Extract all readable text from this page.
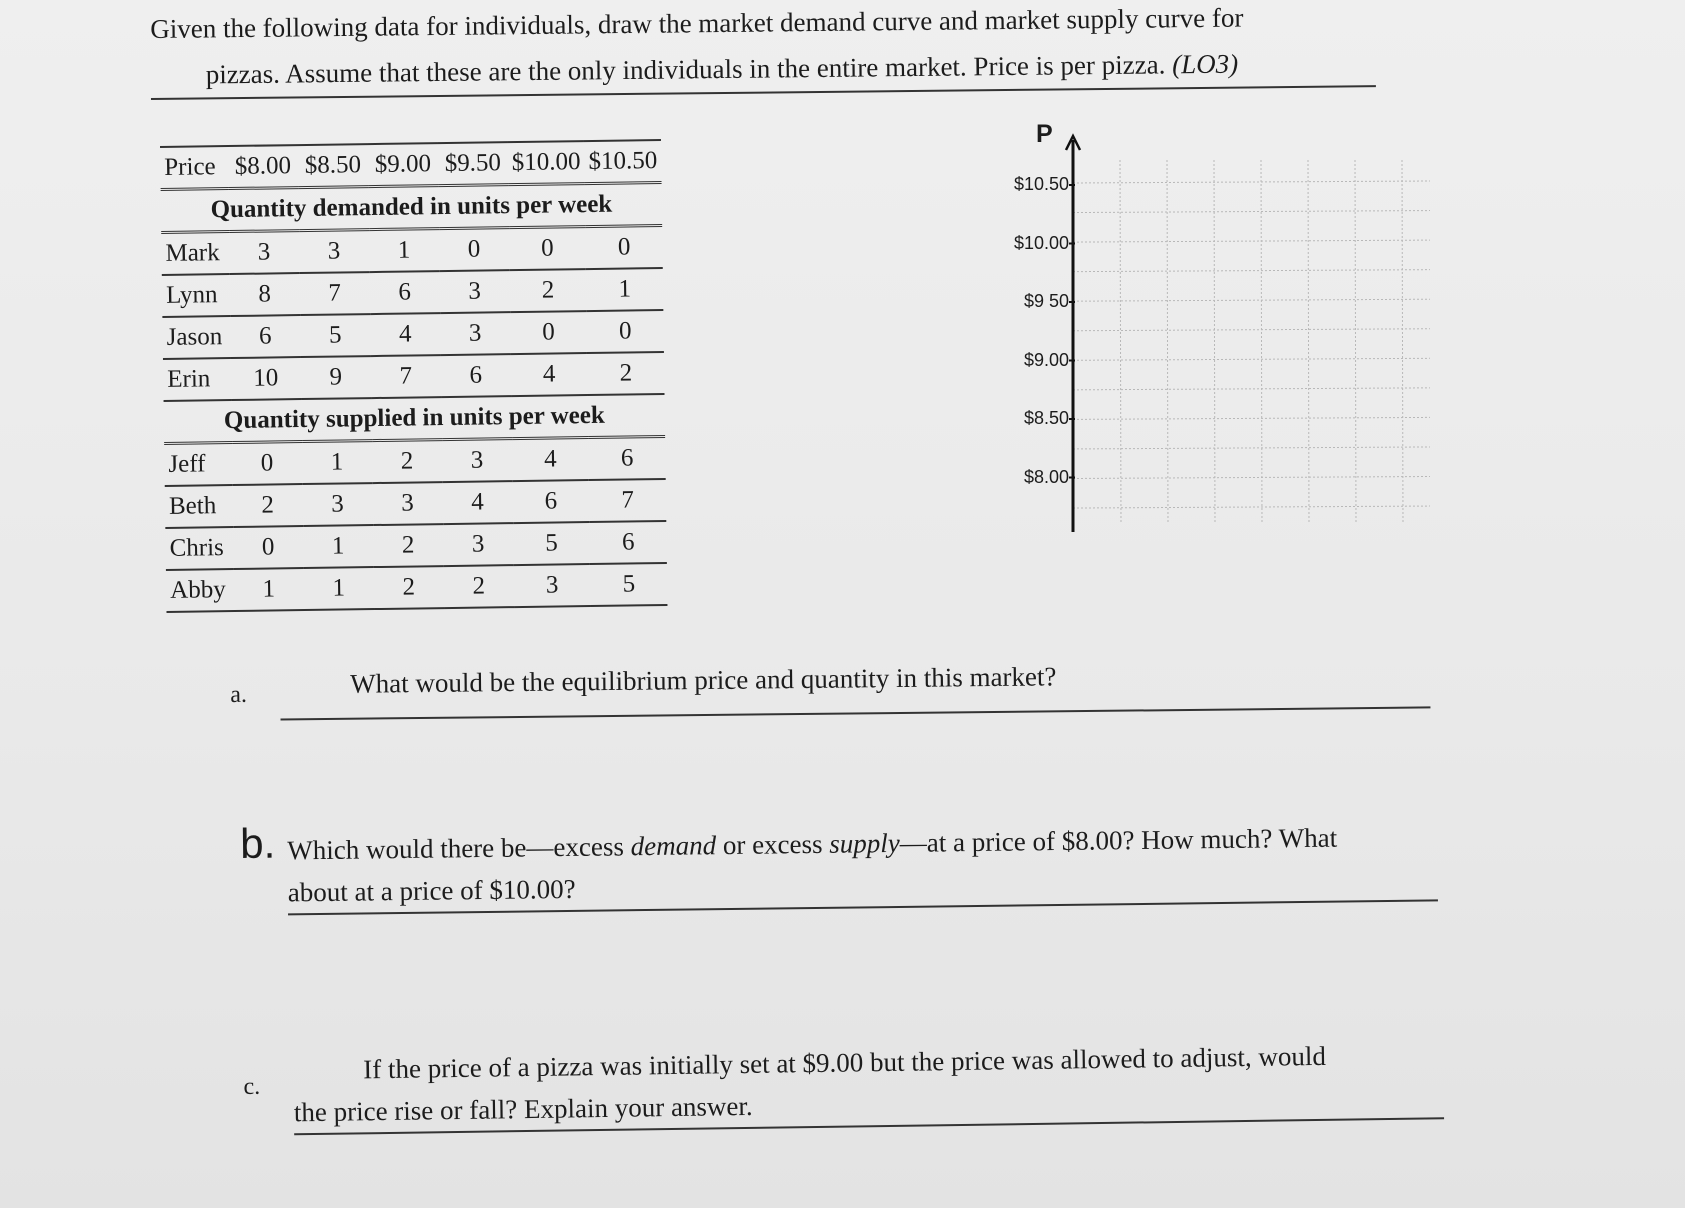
Given the following data for individuals, draw the market demand curve and market supply curve for
pizzas. Assume that these are the only individuals in the entire market. Price is per pizza. (LO3)
Price	$8.00	$8.50	$9.00	$9.50	$10.00	$10.50
Quantity demanded in units per week						
Mark	3	3	1	0	0	0
Lynn	8	7	6	3	2	1
Jason	6	5	4	3	0	0
Erin	10	9	7	6	4	2
Quantity supplied in units per week						
Jeff	0	1	2	3	4	6
Beth	2	3	3	4	6	7
Chris	0	1	2	3	5	6
Abby	1	1	2	2	3	5
P
$10.50
$10.00
$9 50
$9.00
$8.50
$8.00
a.	What would be the equilibrium price and quantity in this market?
b. Which would there be—excess demand or excess supply—at a price of $8.00? How much? What
about at a price of $10.00?
c.
If the price of a pizza was initially set at $9.00 but the price was allowed to adjust, would
the price rise or fall? Explain your answer.
